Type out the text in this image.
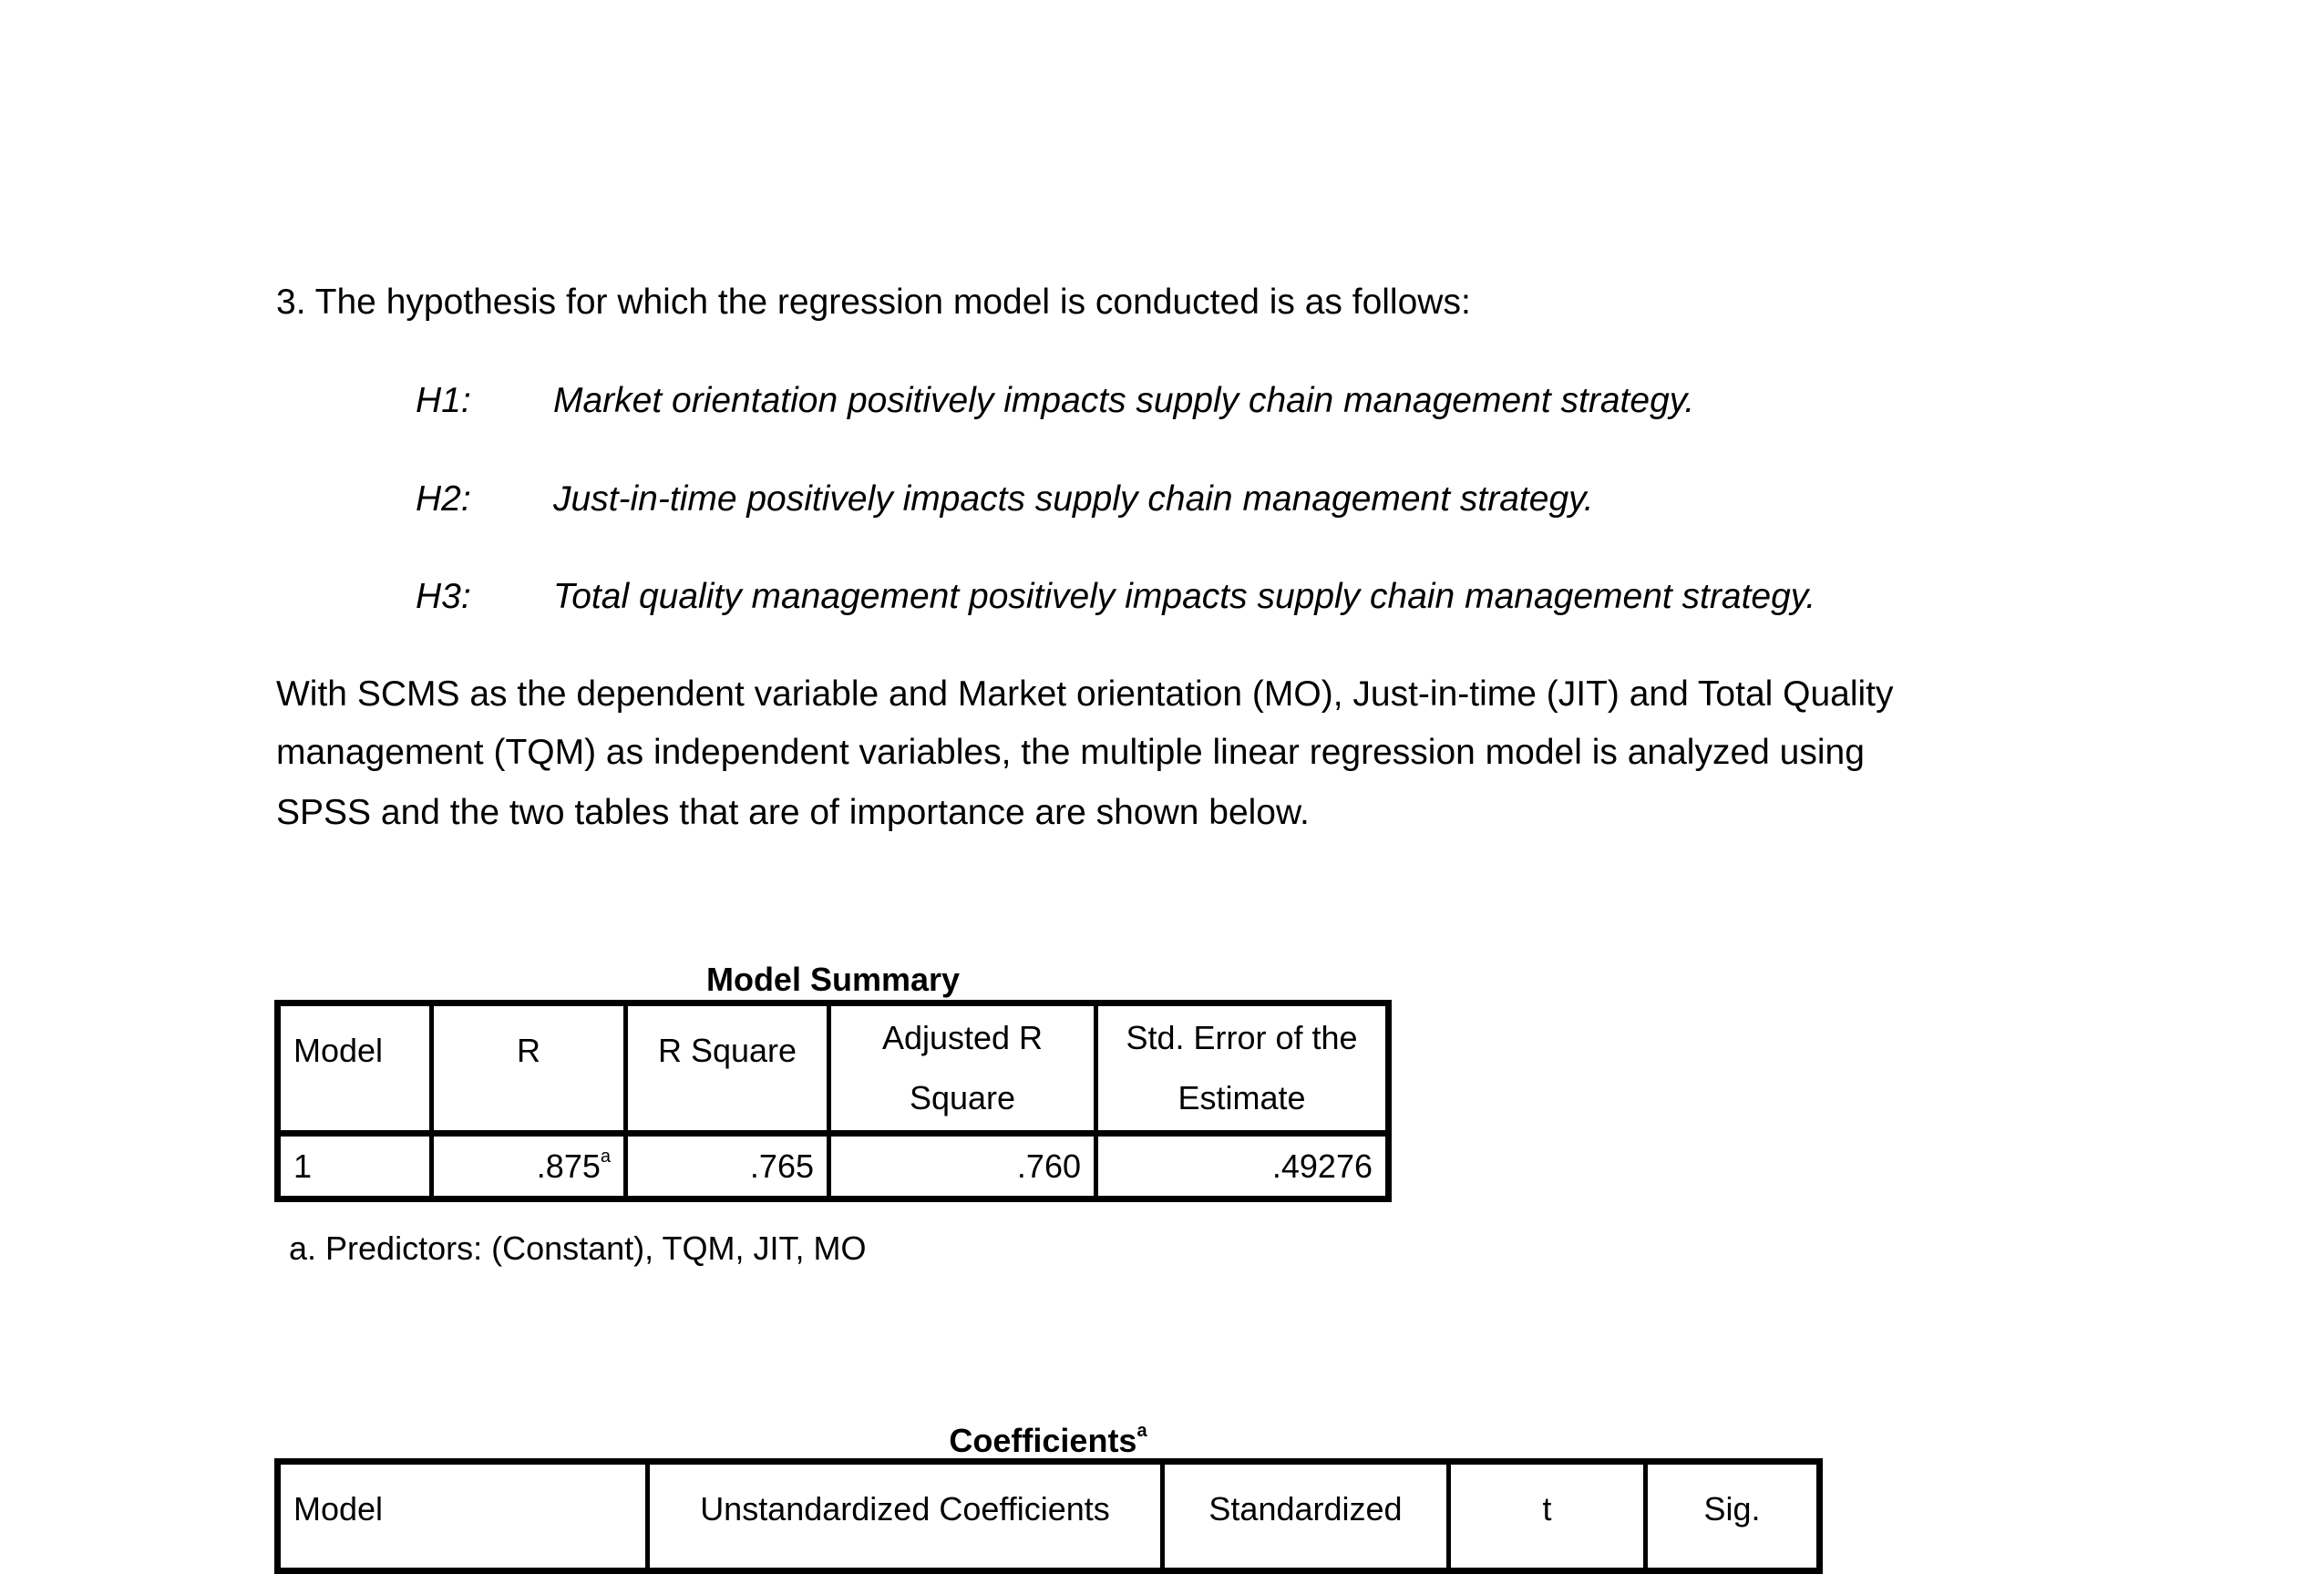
3. The hypothesis for which the regression model is conducted is as follows:
H1: Market orientation positively impacts supply chain management strategy.
H2: Just-in-time positively impacts supply chain management strategy.
H3: Total quality management positively impacts supply chain management strategy.
With SCMS as the dependent variable and Market orientation (MO), Just-in-time (JIT) and Total Quality
management (TQM) as independent variables, the multiple linear regression model is analyzed using
SPSS and the two tables that are of importance are shown below.
Model Summary
Model	R	R Square	Adjusted R Square	Std. Error of the Estimate
1	.875$^a$	.765	.760	.49276
a. Predictors: (Constant), TQM, JIT, MO
Coefficients$^a$
Model	Unstandardized Coefficients	Standardized	t	Sig.
